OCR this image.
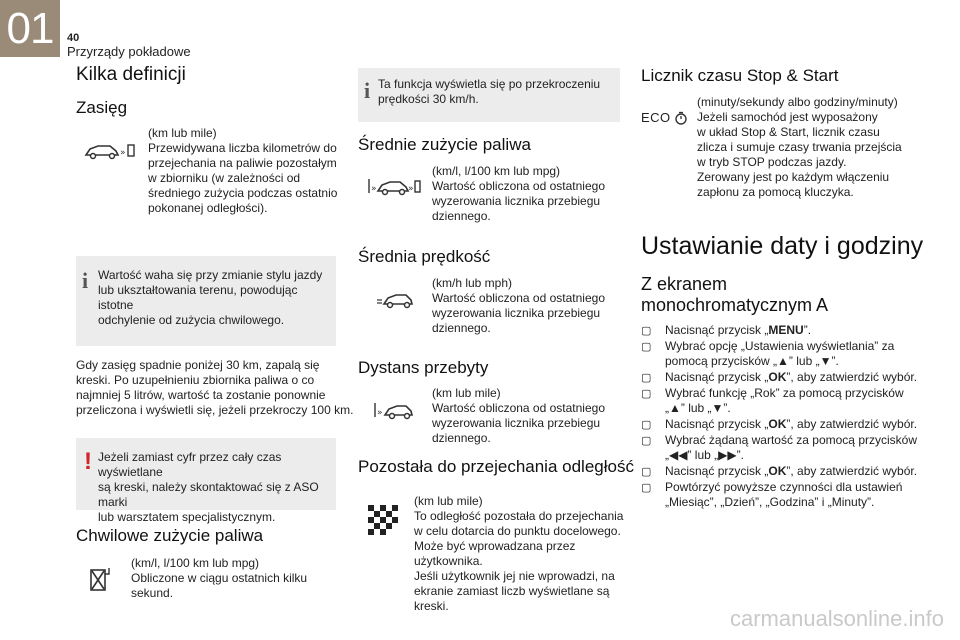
01	40
Przyrządy pokładowe
Kilka definicji
Zasięg
»
(km lub mile)
Przewidywana liczba kilometrów do
przejechania na paliwie pozostałym
w zbiorniku (w zależności od
średniego zużycia podczas ostatnio
pokonanej odległości).
i Wartość waha się przy zmianie stylu jazdy
lub ukształtowania terenu, powodując istotne
odchylenie od zużycia chwilowego.
Gdy zasięg spadnie poniżej 30 km, zapalą się
kreski. Po uzupełnieniu zbiornika paliwa o co
najmniej 5 litrów, wartość ta zostanie ponownie
przeliczona i wyświetli się, jeżeli przekroczy 100 km.
! Jeżeli zamiast cyfr przez cały czas wyświetlane
są kreski, należy skontaktować się z ASO marki
lub warsztatem specjalistycznym.
Chwilowe zużycie paliwa
(km/l, l/100 km lub mpg)
Obliczone w ciągu ostatnich kilku
sekund.
i Ta funkcja wyświetla się po przekroczeniu
prędkości 30 km/h.
Średnie zużycie paliwa
»	»
(km/l, l/100 km lub mpg)
Wartość obliczona od ostatniego
wyzerowania licznika przebiegu
dziennego.
Średnia prędkość
(km/h lub mph)
Wartość obliczona od ostatniego
wyzerowania licznika przebiegu
dziennego.
Dystans przebyty
»
(km lub mile)
Wartość obliczona od ostatniego
wyzerowania licznika przebiegu
dziennego.
Pozostała do przejechania odległość
(km lub mile)
To odległość pozostała do przejechania
w celu dotarcia do punktu docelowego.
Może być wprowadzana przez
użytkownika.
Jeśli użytkownik jej nie wprowadzi, na
ekranie zamiast liczb wyświetlane są
kreski.
Licznik czasu Stop & Start
ECO
(minuty/sekundy albo godziny/minuty)
Jeżeli samochód jest wyposażony
w układ Stop & Start, licznik czasu
zlicza i sumuje czasy trwania przejścia
w tryb STOP podczas jazdy.
Zerowany jest po każdym włączeniu
zapłonu za pomocą kluczyka.
Ustawianie daty i godziny
Z ekranem
monochromatycznym A
▢ Nacisnąć przycisk „MENU”.
▢ Wybrać opcję „Ustawienia wyświetlania” za
pomocą przycisków „▲” lub „▼”.
▢ Nacisnąć przycisk „OK”, aby zatwierdzić wybór.
▢ Wybrać funkcję „Rok” za pomocą przycisków
„▲” lub „▼”.
▢ Nacisnąć przycisk „OK”, aby zatwierdzić wybór.
▢ Wybrać żądaną wartość za pomocą przycisków
„◀◀” lub „▶▶”.
▢ Nacisnąć przycisk „OK”, aby zatwierdzić wybór.
▢ Powtórzyć powyższe czynności dla ustawień
„Miesiąc”, „Dzień”, „Godzina” i „Minuty”.
carmanualsonline.info
